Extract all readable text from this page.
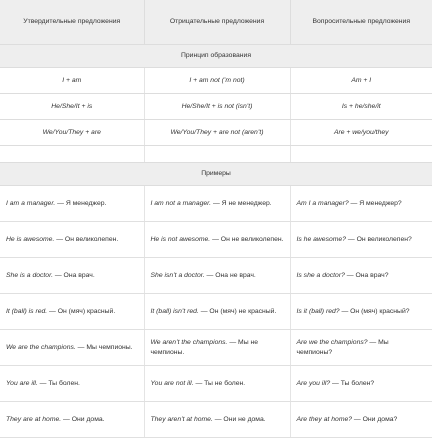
Утвердительные предложения	Отрицательные предложения	Вопросительные предложения
Принцип образования		
I + am	I + am not (’m not)	Am + I
He/She/It + is	He/She/It + is not (isn’t)	Is + he/she/it
We/You/They + are	We/You/They + are not (aren’t)	Are + we/you/they

Примеры		
I am a manager. — Я менеджер.	I am not a manager. — Я не менеджер.	Am I a manager? — Я менеджер?
He is awesome. — Он великолепен.	He is not awesome. — Он не великолепен.	Is he awesome? — Он великолепен?
She is a doctor. — Она врач.	She isn’t a doctor. — Она не врач.	Is she a doctor? — Она врач?
It (ball) is red. — Он (мяч) красный.	It (ball) isn’t red. — Он (мяч) не красный.	Is it (ball) red? — Он (мяч) красный?
We are the champions. — Мы чемпионы.	We aren’t the champions. — Мы не чемпионы.	Are we the champions? — Мы чемпионы?
You are ill. — Ты болен.	You are not ill. — Ты не болен.	Are you ill? — Ты болен?
They are at home. — Они дома.	They aren’t at home. — Они не дома.	Are they at home? — Они дома?
